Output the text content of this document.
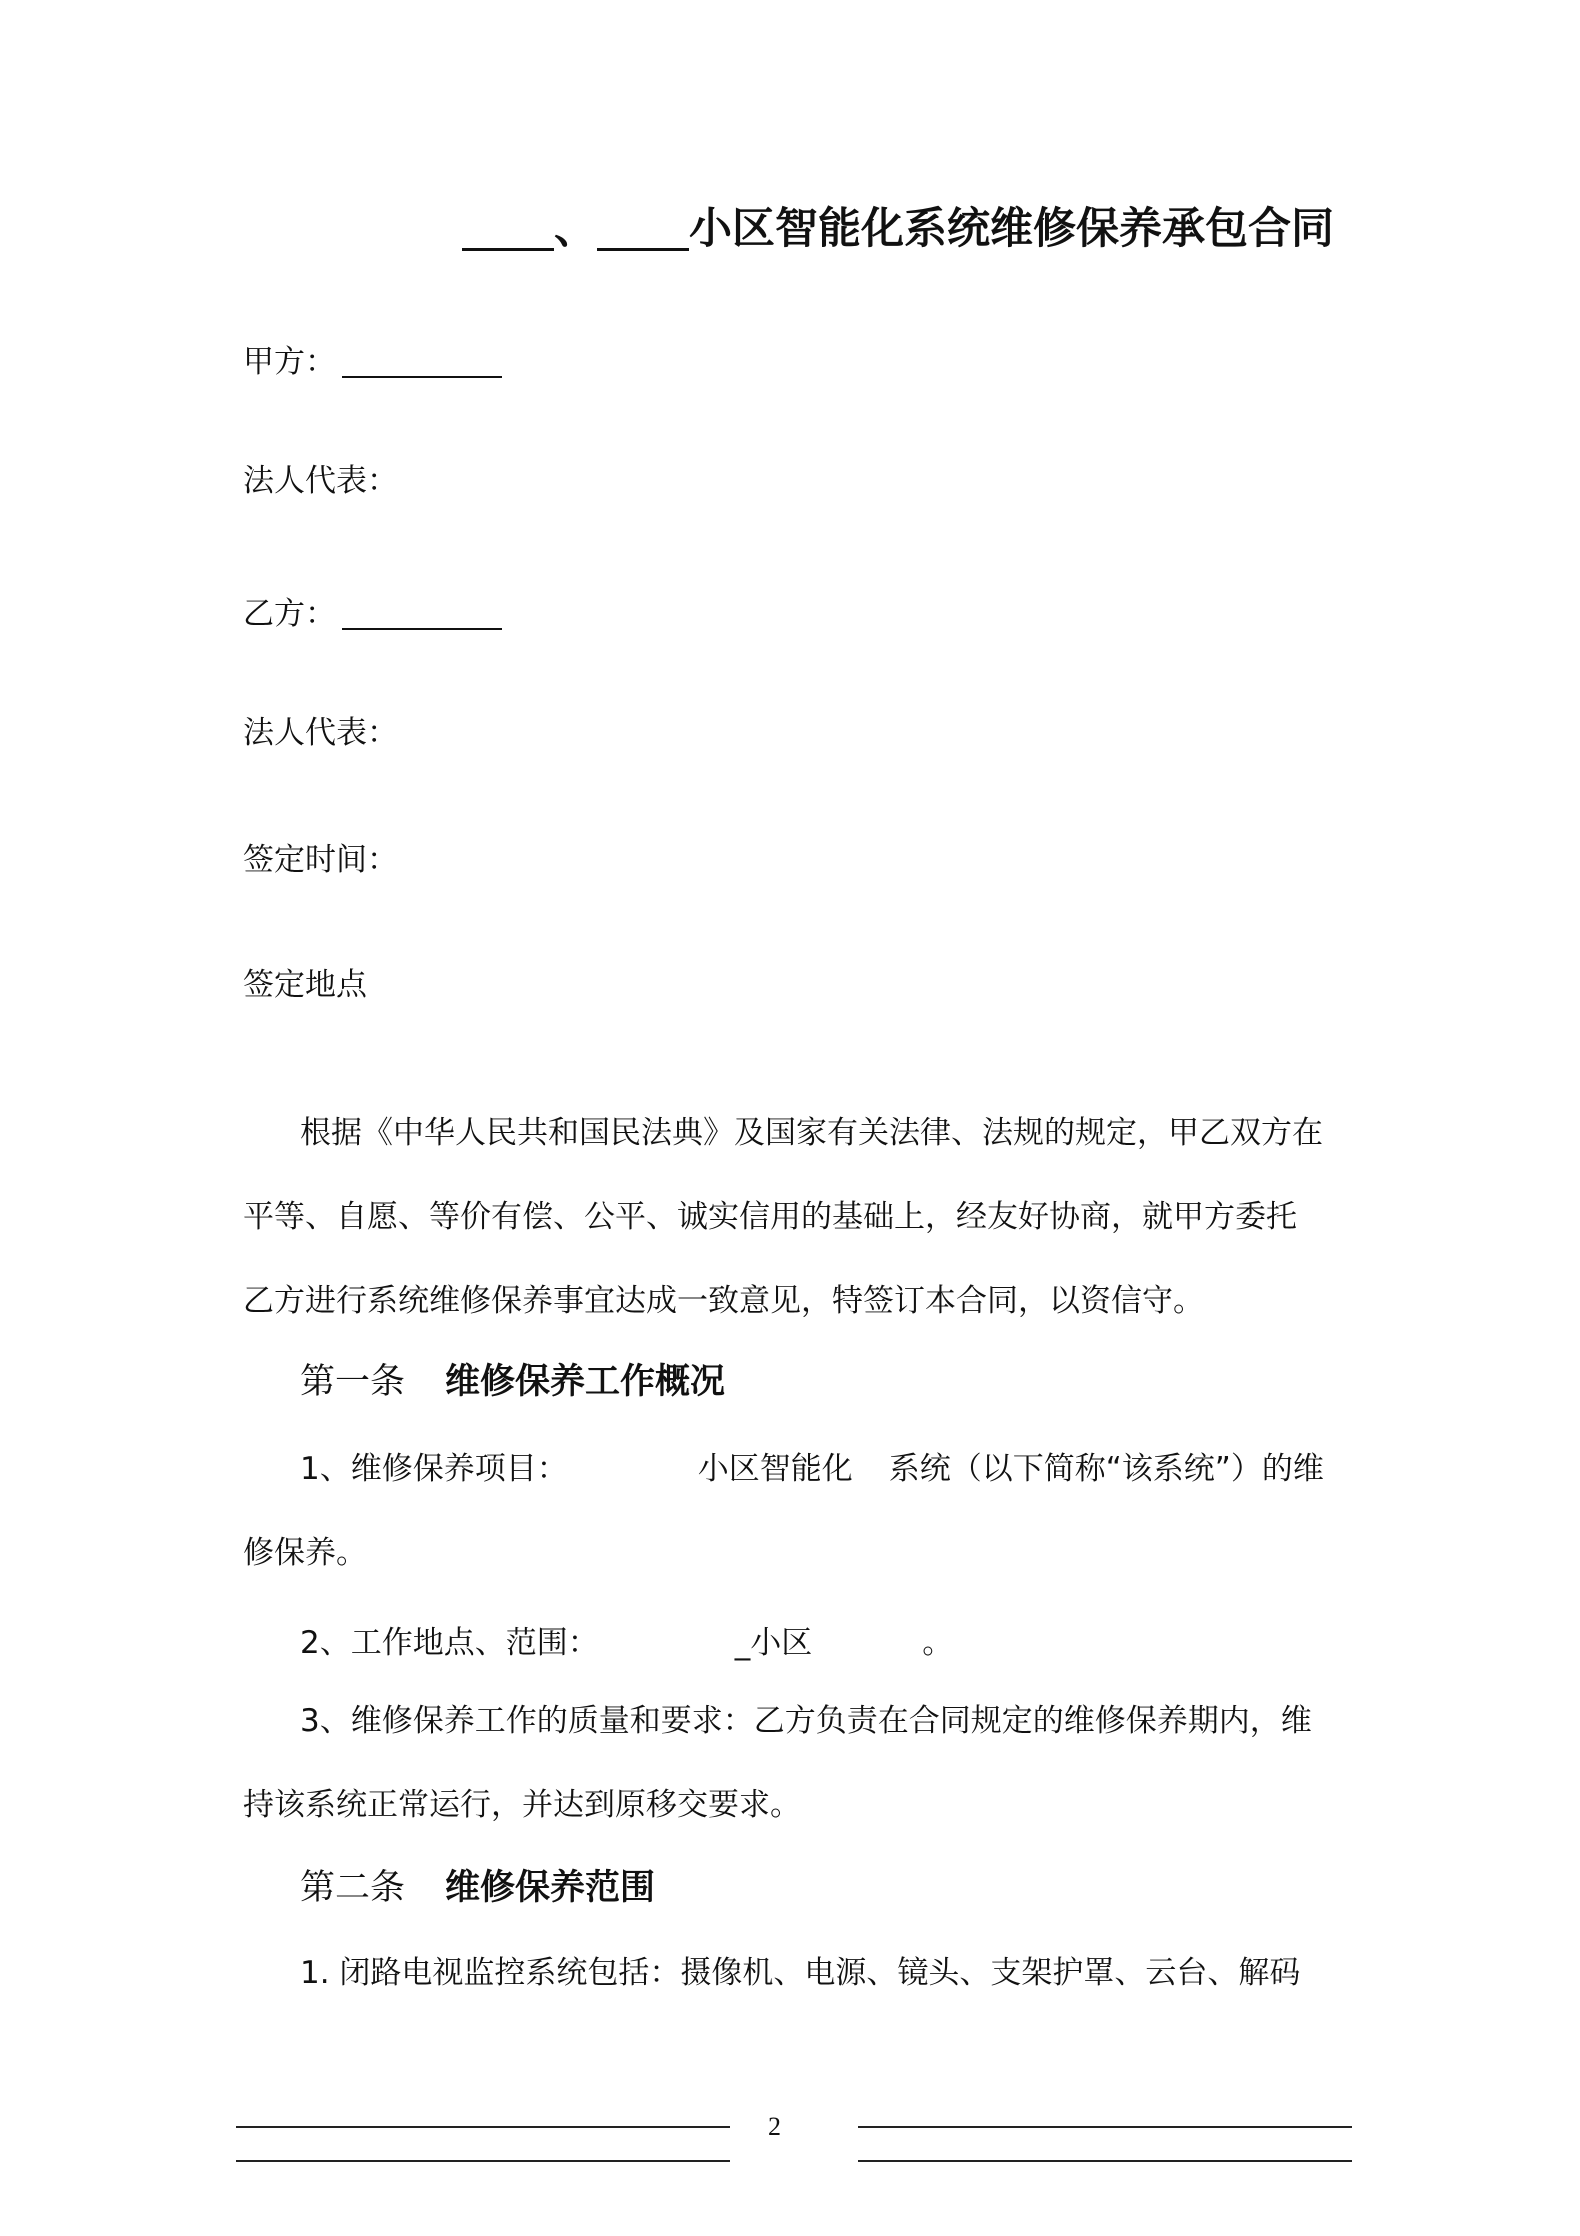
、 小区智能化系统维修保养承包合同
甲方：
法人代表：
乙方：
法人代表：
签定时间：
签定地点
根据《中华人民共和国民法典》及国家有关法律、法规的规定，甲乙双方在
平等、自愿、等价有偿、公平、诚实信用的基础上，经友好协商，就甲方委托
乙方进行系统维修保养事宜达成一致意见，特签订本合同，以资信守。
第一条 维修保养工作概况
1、维修保养项目：	小区智能化 系统（以下简称“该系统”）的维
修保养。
2、工作地点、范围：	_小区	。
3、维修保养工作的质量和要求：乙方负责在合同规定的维修保养期内，维
持该系统正常运行，并达到原移交要求。
第二条 维修保养范围
1. 闭路电视监控系统包括：摄像机、电源、镜头、支架护罩、云台、解码
2
